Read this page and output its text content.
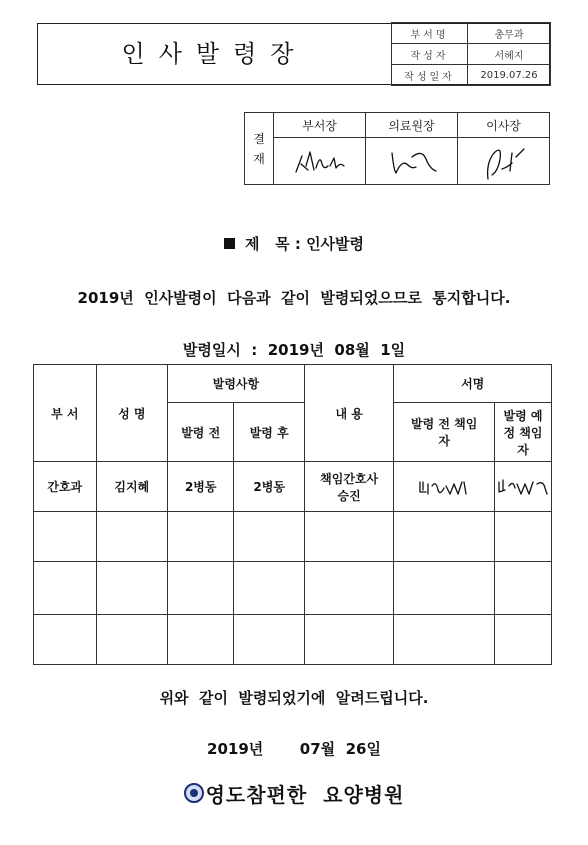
인사발령장
부서명	총무과
작성자	서혜지
작성일자	2019.07.26
결
재	부서장	의료원장	이사장

제   목 : 인사발령
2019년  인사발령이  다음과  같이  발령되었으므로  통지합니다.
발령일시  :  2019년  08월  1일
부 서	성 명	발령사항		내 용	서명	
		발령 전	발령 후		발령 전 책임자	발령 예정 책임자
간호과	김지혜	2병동	2병동	책임간호사 승진	

위와  같이  발령되었기에  알려드립니다.
2019년       07월  26일
영도참편한  요양병원
